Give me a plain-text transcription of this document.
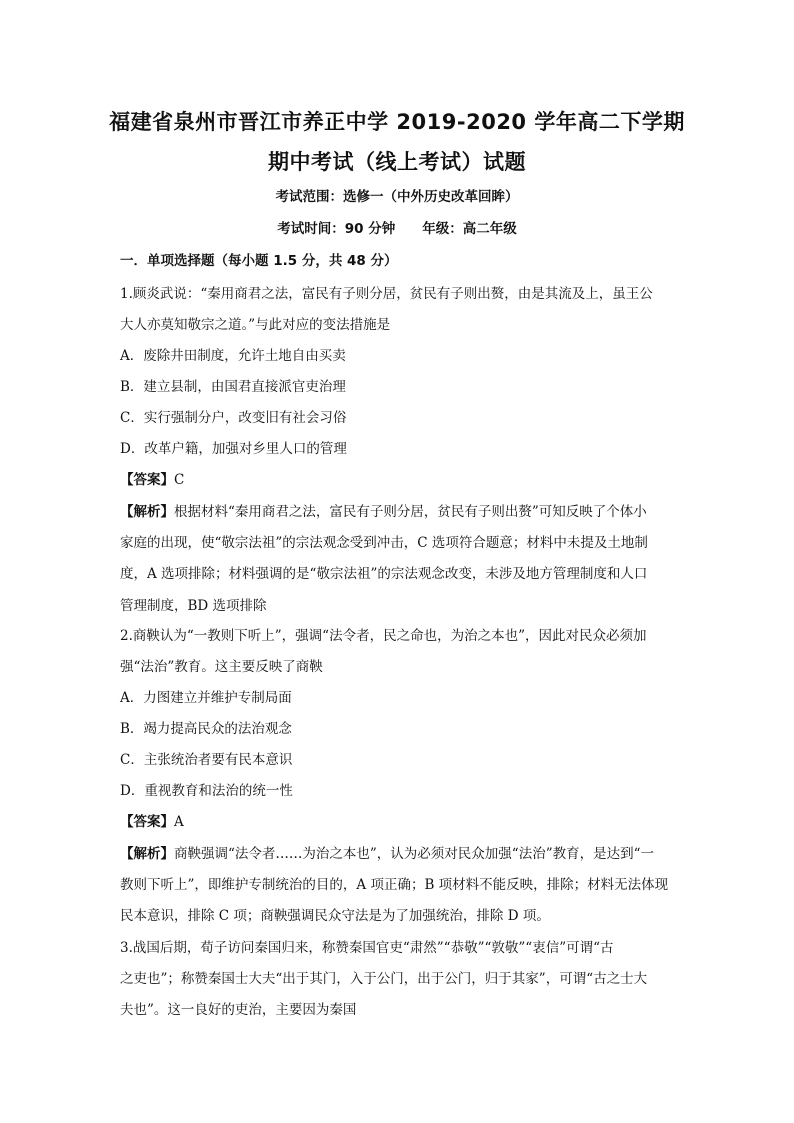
福建省泉州市晋江市养正中学 2019-2020 学年高二下学期
期中考试（线上考试）试题
考试范围：选修一（中外历史改革回眸）
考试时间：90 分钟　　年级：高二年级
一．单项选择题（每小题 1.5 分，共 48 分）
1.顾炎武说：“秦用商君之法，富民有子则分居，贫民有子则出赘，由是其流及上，虽王公
大人亦莫知敬宗之道。”与此对应的变法措施是
A．废除井田制度，允许土地自由买卖
B．建立县制，由国君直接派官吏治理
C．实行强制分户，改变旧有社会习俗
D．改革户籍，加强对乡里人口的管理
【答案】C
【解析】根据材料“秦用商君之法，富民有子则分居，贫民有子则出赘”可知反映了个体小
家庭的出现，使“敬宗法祖”的宗法观念受到冲击，C 选项符合题意；材料中未提及土地制
度，A 选项排除；材料强调的是“敬宗法祖”的宗法观念改变，未涉及地方管理制度和人口
管理制度，BD 选项排除
2.商鞅认为“一教则下听上”，强调“法令者，民之命也，为治之本也”，因此对民众必须加
强“法治”教育。这主要反映了商鞅
A．力图建立并维护专制局面
B．竭力提高民众的法治观念
C．主张统治者要有民本意识
D．重视教育和法治的统一性
【答案】A
【解析】商鞅强调“法令者……为治之本也”，认为必须对民众加强“法治”教育，是达到“一
教则下听上”，即维护专制统治的目的，A 项正确；B 项材料不能反映，排除；材料无法体现
民本意识，排除 C 项；商鞅强调民众守法是为了加强统治，排除 D 项。
3.战国后期，荀子访问秦国归来，称赞秦国官吏“肃然”“恭敬”“敦敬”“衷信”可谓“古
之吏也”；称赞秦国士大夫“出于其门，入于公门，出于公门，归于其家”，可谓“古之士大
夫也”。这一良好的吏治，主要因为秦国
